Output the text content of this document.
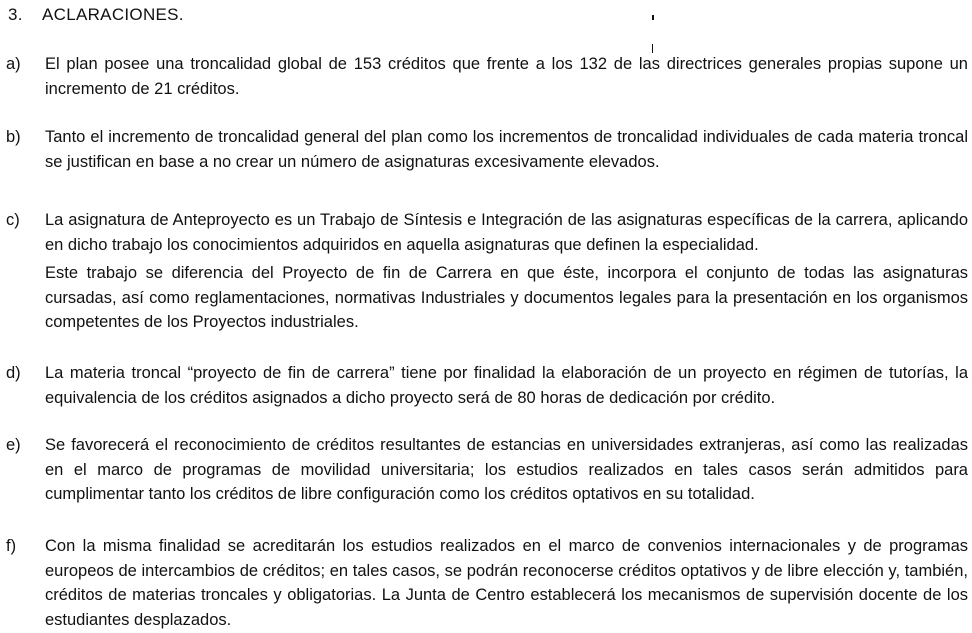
3. ACLARACIONES.
a)	El plan posee una troncalidad global de 153 créditos que frente a los 132 de las directrices generales propias supone un incremento de 21 créditos.

b)	Tanto el incremento de troncalidad general del plan como los incrementos de troncalidad individuales de cada materia troncal se justifican en base a no crear un número de asignaturas excesivamente elevados.

c)	La asignatura de Anteproyecto es un Trabajo de Síntesis e Integración de las asignaturas específicas de la carrera, aplicando en dicho trabajo los conocimientos adquiridos en aquella asignaturas que definen la especialidad.

Este trabajo se diferencia del Proyecto de fin de Carrera en que éste, incorpora el conjunto de todas las asignaturas cursadas, así como reglamentaciones, normativas Industriales y documentos legales para la presentación en los organismos competentes de los Proyectos industriales.

d)	La materia troncal “proyecto de fin de carrera” tiene por finalidad la elaboración de un proyecto en régimen de tutorías, la equivalencia de los créditos asignados a dicho proyecto será de 80 horas de dedicación por crédito.

e)	Se favorecerá el reconocimiento de créditos resultantes de estancias en universidades extranjeras, así como las realizadas en el marco de programas de movilidad universitaria; los estudios realizados en tales casos serán admitidos para cumplimentar tanto los créditos de libre configuración como los créditos optativos en su totalidad.

f)	Con la misma finalidad se acreditarán los estudios realizados en el marco de convenios internacionales y de programas europeos de intercambios de créditos; en tales casos, se podrán reconocerse créditos optativos y de libre elección y, también, créditos de materias troncales y obligatorias. La Junta de Centro establecerá los mecanismos de supervisión docente de los estudiantes desplazados.
